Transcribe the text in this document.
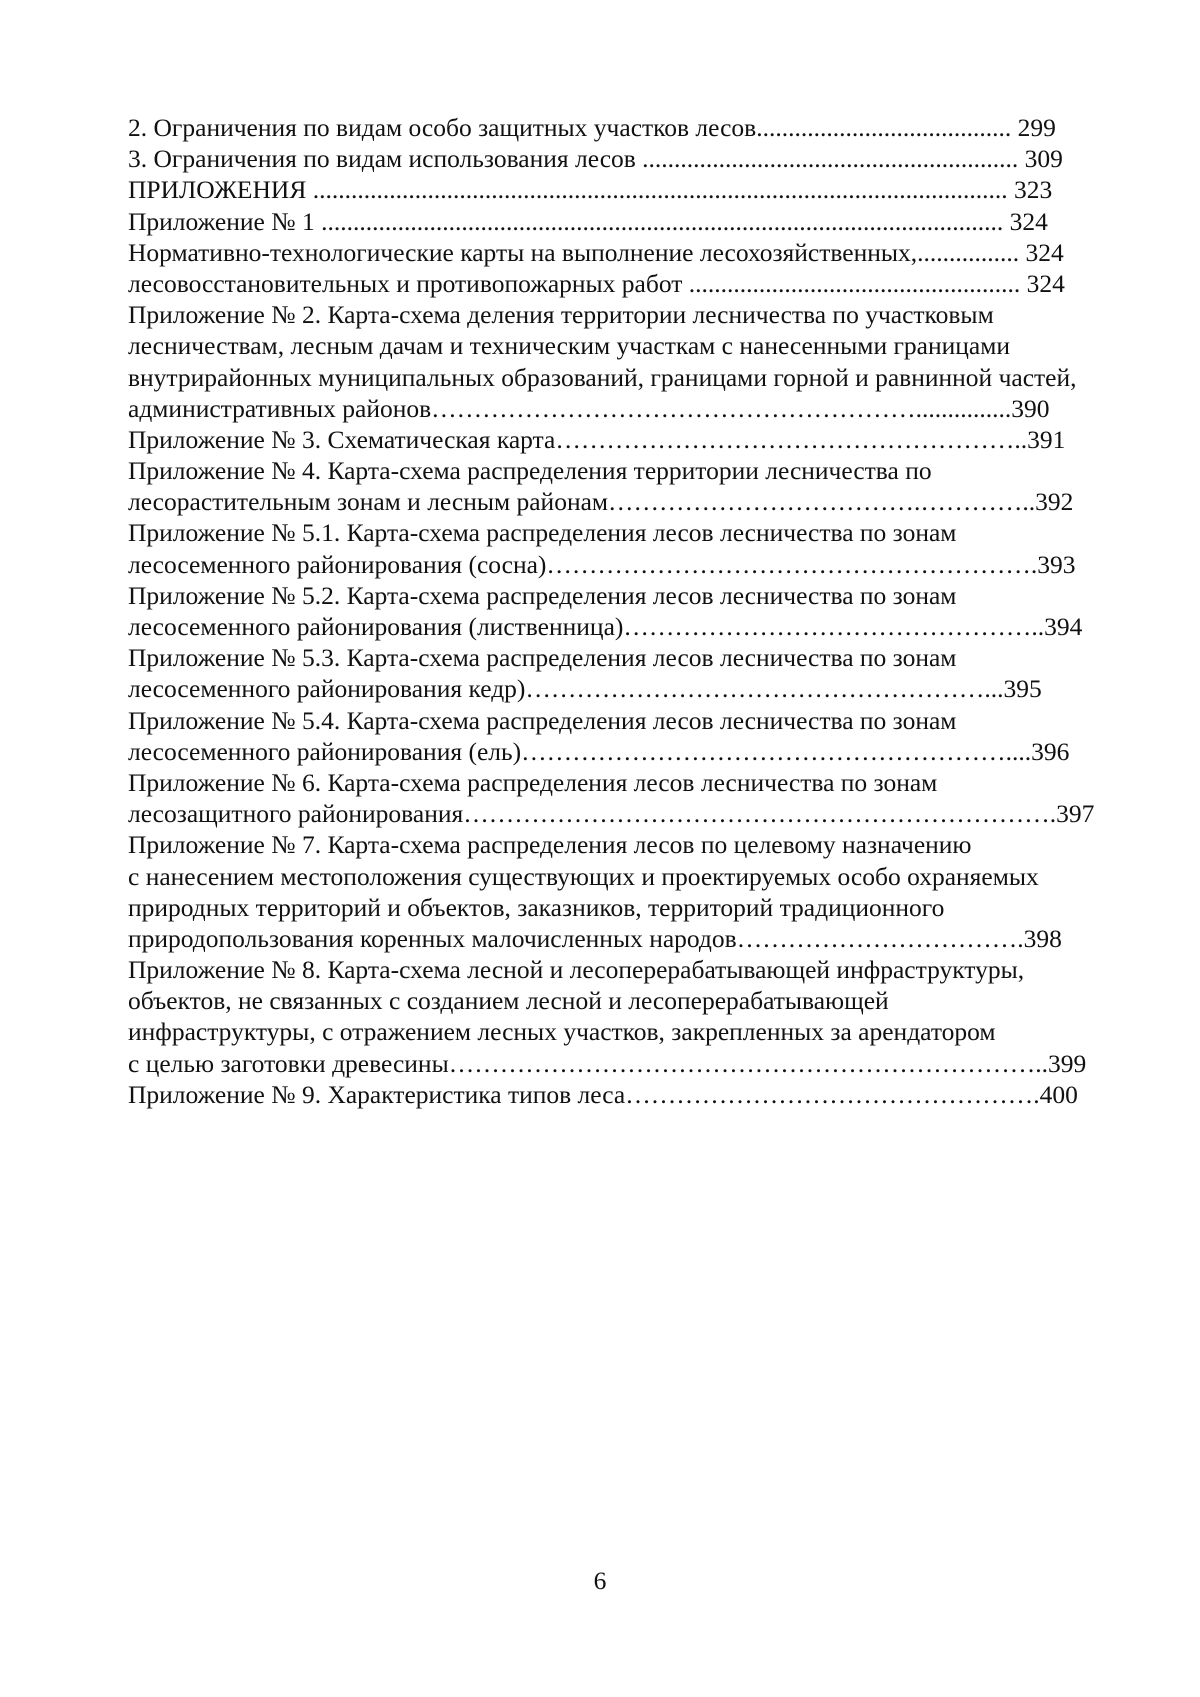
2. Ограничения по видам особо защитных участков лесов........................................ 299
3. Ограничения по видам использования лесов ........................................................... 309
ПРИЛОЖЕНИЯ ............................................................................................................. 323
Приложение № 1 ........................................................................................................... 324
Нормативно-технологические карты на выполнение лесохозяйственных,................ 324
лесовосстановительных и противопожарных работ .................................................... 324
Приложение № 2. Карта-схема деления территории лесничества по участковым
лесничествам, лесным дачам и техническим участкам с нанесенными границами
внутрирайонных муниципальных образований, границами горной и равнинной частей,
административных районов…………………………………………………...............390
Приложение № 3. Схематическая карта………………………………………………..391
Приложение № 4. Карта-схема распределения территории лесничества по
лесорастительным зонам и лесным районам……………………………….…………..392
Приложение № 5.1. Карта-схема распределения лесов лесничества по зонам
лесосеменного районирования (сосна)………………………………………………….393
Приложение № 5.2. Карта-схема распределения лесов лесничества по зонам
лесосеменного районирования (лиственница)…………………………………………..394
Приложение № 5.3. Карта-схема распределения лесов лесничества по зонам
лесосеменного районирования кедр)………………………………………………...395
Приложение № 5.4. Карта-схема распределения лесов лесничества по зонам
лесосеменного районирования (ель)…………………………………………………....396
Приложение № 6. Карта-схема распределения лесов лесничества по зонам
лесозащитного районирования…………………………………………………………….397
Приложение № 7. Карта-схема распределения лесов по целевому назначению
с нанесением местоположения существующих и проектируемых особо охраняемых
природных территорий и объектов, заказников, территорий традиционного
природопользования коренных малочисленных народов…………………………….398
Приложение № 8. Карта-схема лесной и лесоперерабатывающей инфраструктуры,
объектов, не связанных с созданием лесной и лесоперерабатывающей
инфраструктуры, с отражением лесных участков, закрепленных за арендатором
с целью заготовки древесины……………………………………………………………..399
Приложение № 9. Характеристика типов леса………………………………………….400
6
